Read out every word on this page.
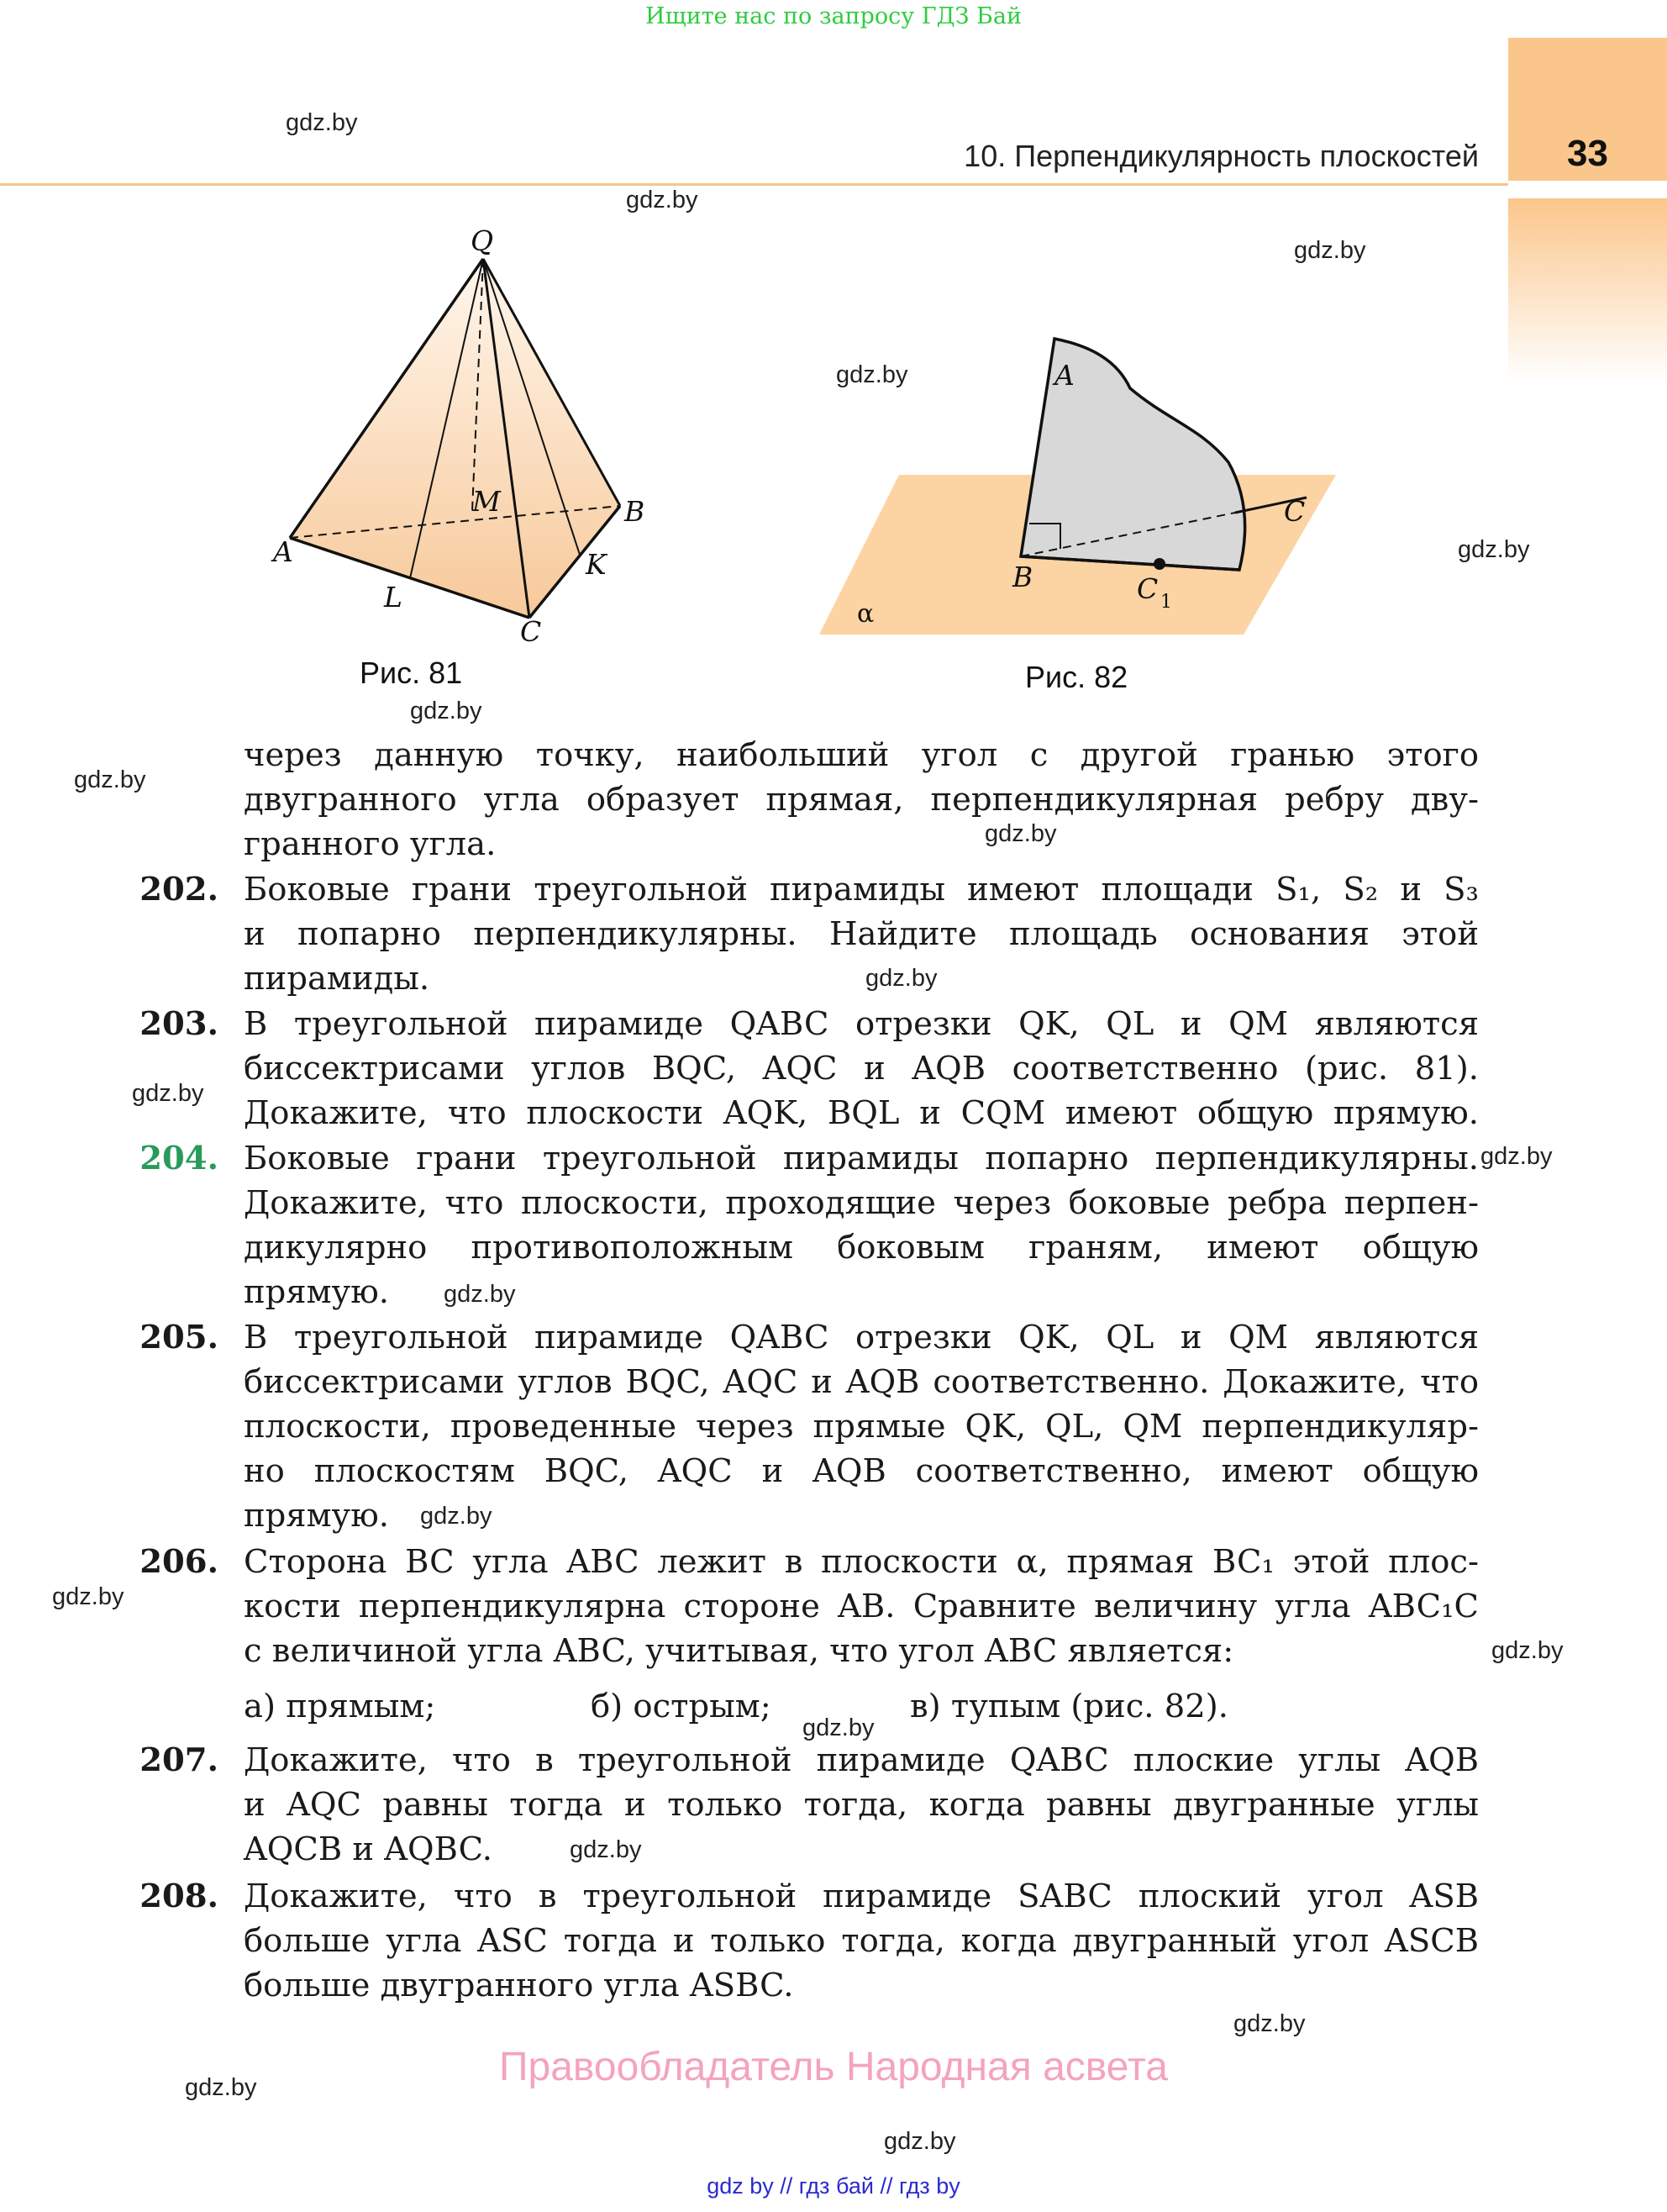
Ищите нас по запросу ГДЗ Бай
10. Перпендикулярность плоскостей	33
Q
M
A
B
C
K
L
A
B
C
C 1
α
Рис. 81	Рис. 82
через данную точку, наибольший угол с другой гранью этого
двугранного угла образует прямая, перпендикулярная ребру дву-
гранного угла.
202. Боковые грани треугольной пирамиды имеют площади S₁, S₂ и S₃
и попарно перпендикулярны. Найдите площадь основания этой
пирамиды.
203. В треугольной пирамиде QABC отрезки QK, QL и QM являются
биссектрисами углов BQC, AQC и AQB соответственно (рис. 81).
Докажите, что плоскости AQK, BQL и CQM имеют общую прямую.
204. Боковые грани треугольной пирамиды попарно перпендикулярны.
Докажите, что плоскости, проходящие через боковые ребра перпен-
дикулярно противоположным боковым граням, имеют общую
прямую.
205. В треугольной пирамиде QABC отрезки QK, QL и QM являются
биссектрисами углов BQC, AQC и AQB соответственно. Докажите, что
плоскости, проведенные через прямые QK, QL, QM перпендикуляр-
но плоскостям BQC, AQC и AQB соответственно, имеют общую
прямую.
206. Сторона BC угла ABC лежит в плоскости α, прямая BC₁ этой плос-
кости перпендикулярна стороне AB. Сравните величину угла ABC₁C
с величиной угла ABC, учитывая, что угол ABC является:
а) прямым;	б) острым;	в) тупым (рис. 82).
207. Докажите, что в треугольной пирамиде QABC плоские углы AQB
и AQC равны тогда и только тогда, когда равны двугранные углы
AQCB и AQBC.
208. Докажите, что в треугольной пирамиде SABC плоский угол ASB
больше угла ASC тогда и только тогда, когда двугранный угол ASCB
больше двугранного угла ASBC.
gdz.by
gdz.by
gdz.by
gdz.by
gdz.by
gdz.by
gdz.by
gdz.by
gdz.by
gdz.by
gdz.by
gdz.by
gdz.by
gdz.by
gdz.by
gdz.by
gdz.by
gdz.by
gdz.by
gdz.by
Правообладатель Народная асвета
gdz by // гдз бай // гдз by
